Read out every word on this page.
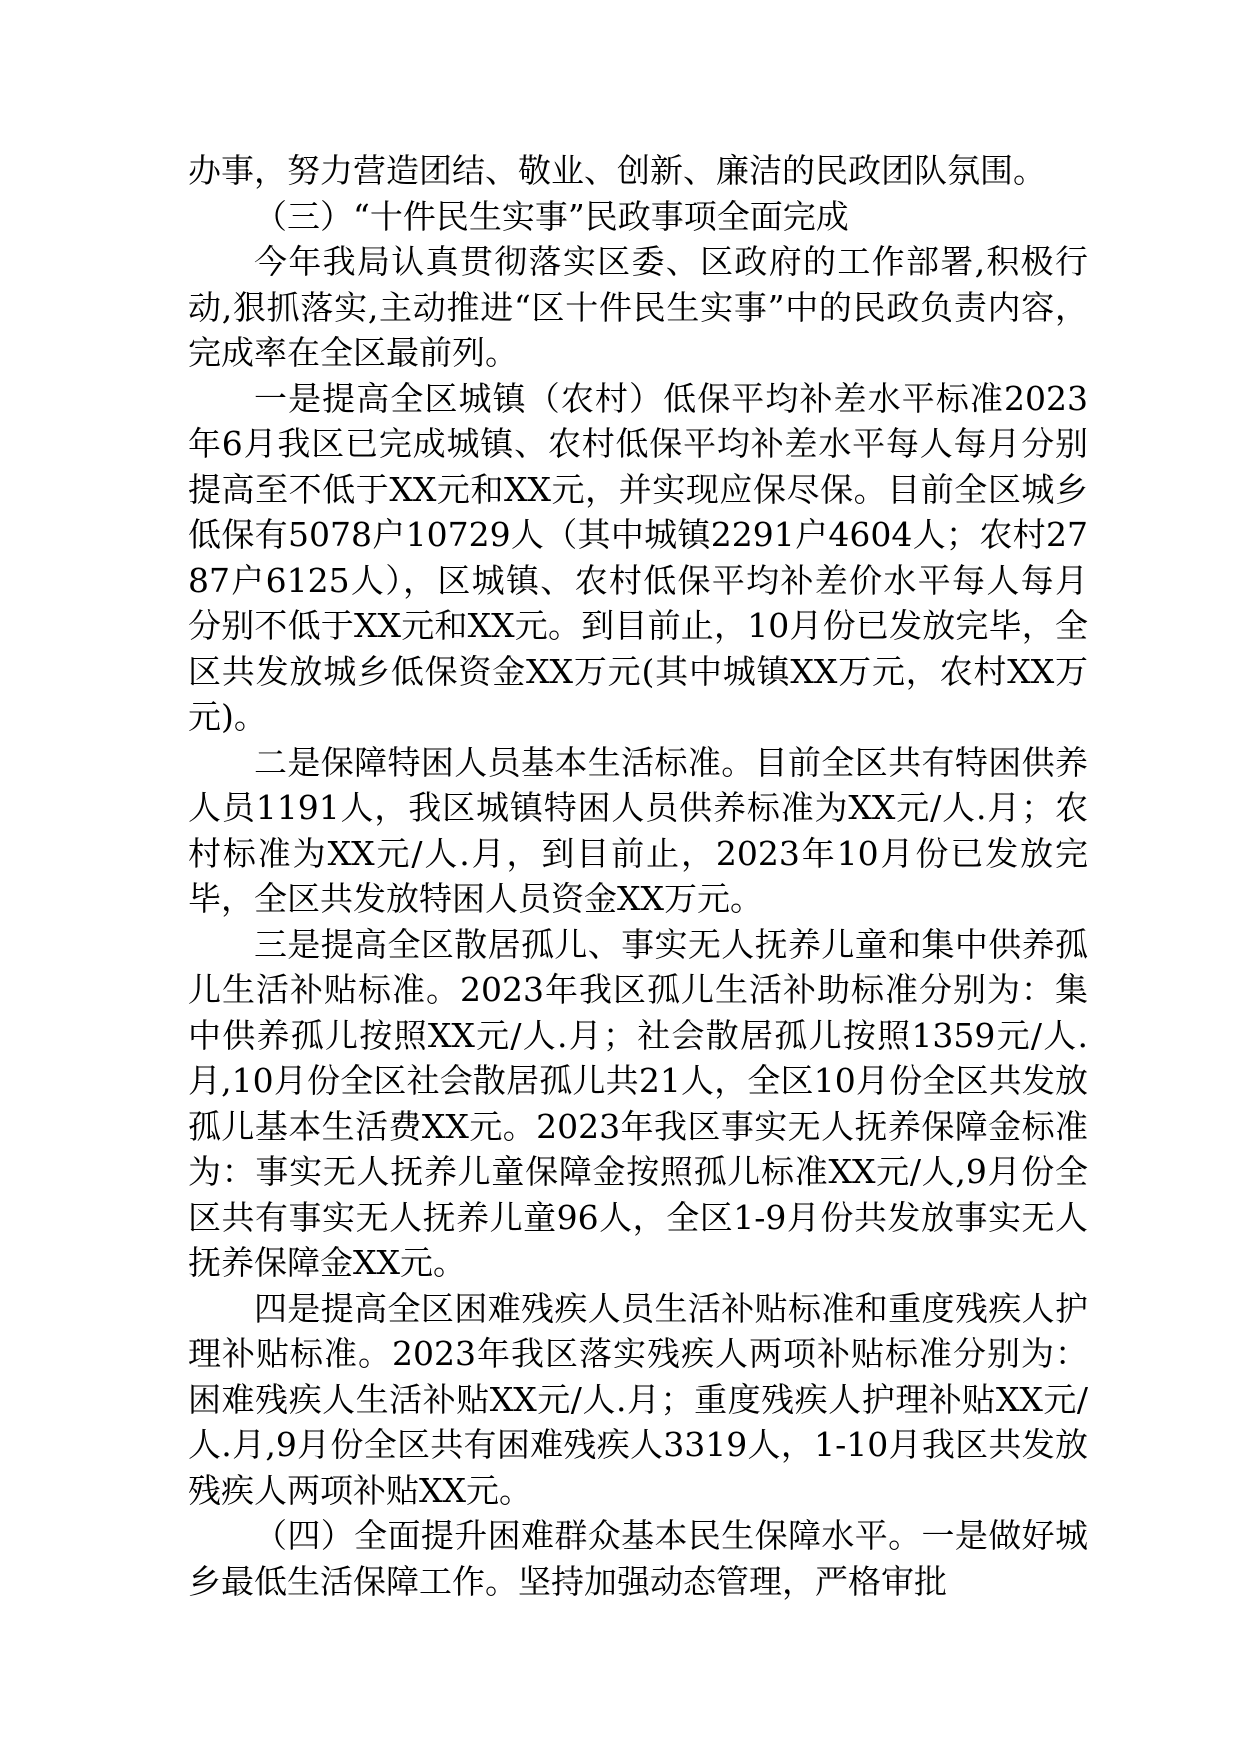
办事，努力营造团结、敬业、创新、廉洁的民政团队氛围。

（三）“十件民生实事”民政事项全面完成

今年我局认真贯彻落实区委、区政府的工作部署,积极行动,狠抓落实,主动推进“区十件民生实事”中的民政负责内容，完成率在全区最前列。

一是提高全区城镇（农村）低保平均补差水平标准2023年6月我区已完成城镇、农村低保平均补差水平每人每月分别提高至不低于XX元和XX元，并实现应保尽保。目前全区城乡低保有5078户10729人（其中城镇2291户4604人；农村2787户6125人），区城镇、农村低保平均补差价水平每人每月分别不低于XX元和XX元。到目前止，10月份已发放完毕，全区共发放城乡低保资金XX万元(其中城镇XX万元，农村XX万元)。

二是保障特困人员基本生活标准。目前全区共有特困供养人员1191人，我区城镇特困人员供养标准为XX元/人.月；农村标准为XX元/人.月，到目前止，2023年10月份已发放完毕，全区共发放特困人员资金XX万元。

三是提高全区散居孤儿、事实无人抚养儿童和集中供养孤儿生活补贴标准。2023年我区孤儿生活补助标准分别为：集中供养孤儿按照XX元/人.月；社会散居孤儿按照1359元/人.月,10月份全区社会散居孤儿共21人，全区10月份全区共发放孤儿基本生活费XX元。2023年我区事实无人抚养保障金标准为：事实无人抚养儿童保障金按照孤儿标准XX元/人,9月份全区共有事实无人抚养儿童96人，全区1-9月份共发放事实无人抚养保障金XX元。

四是提高全区困难残疾人员生活补贴标准和重度残疾人护理补贴标准。2023年我区落实残疾人两项补贴标准分别为：困难残疾人生活补贴XX元/人.月；重度残疾人护理补贴XX元/人.月,9月份全区共有困难残疾人3319人，1-10月我区共发放残疾人两项补贴XX元。

（四）全面提升困难群众基本民生保障水平。一是做好城乡最低生活保障工作。坚持加强动态管理，严格审批
